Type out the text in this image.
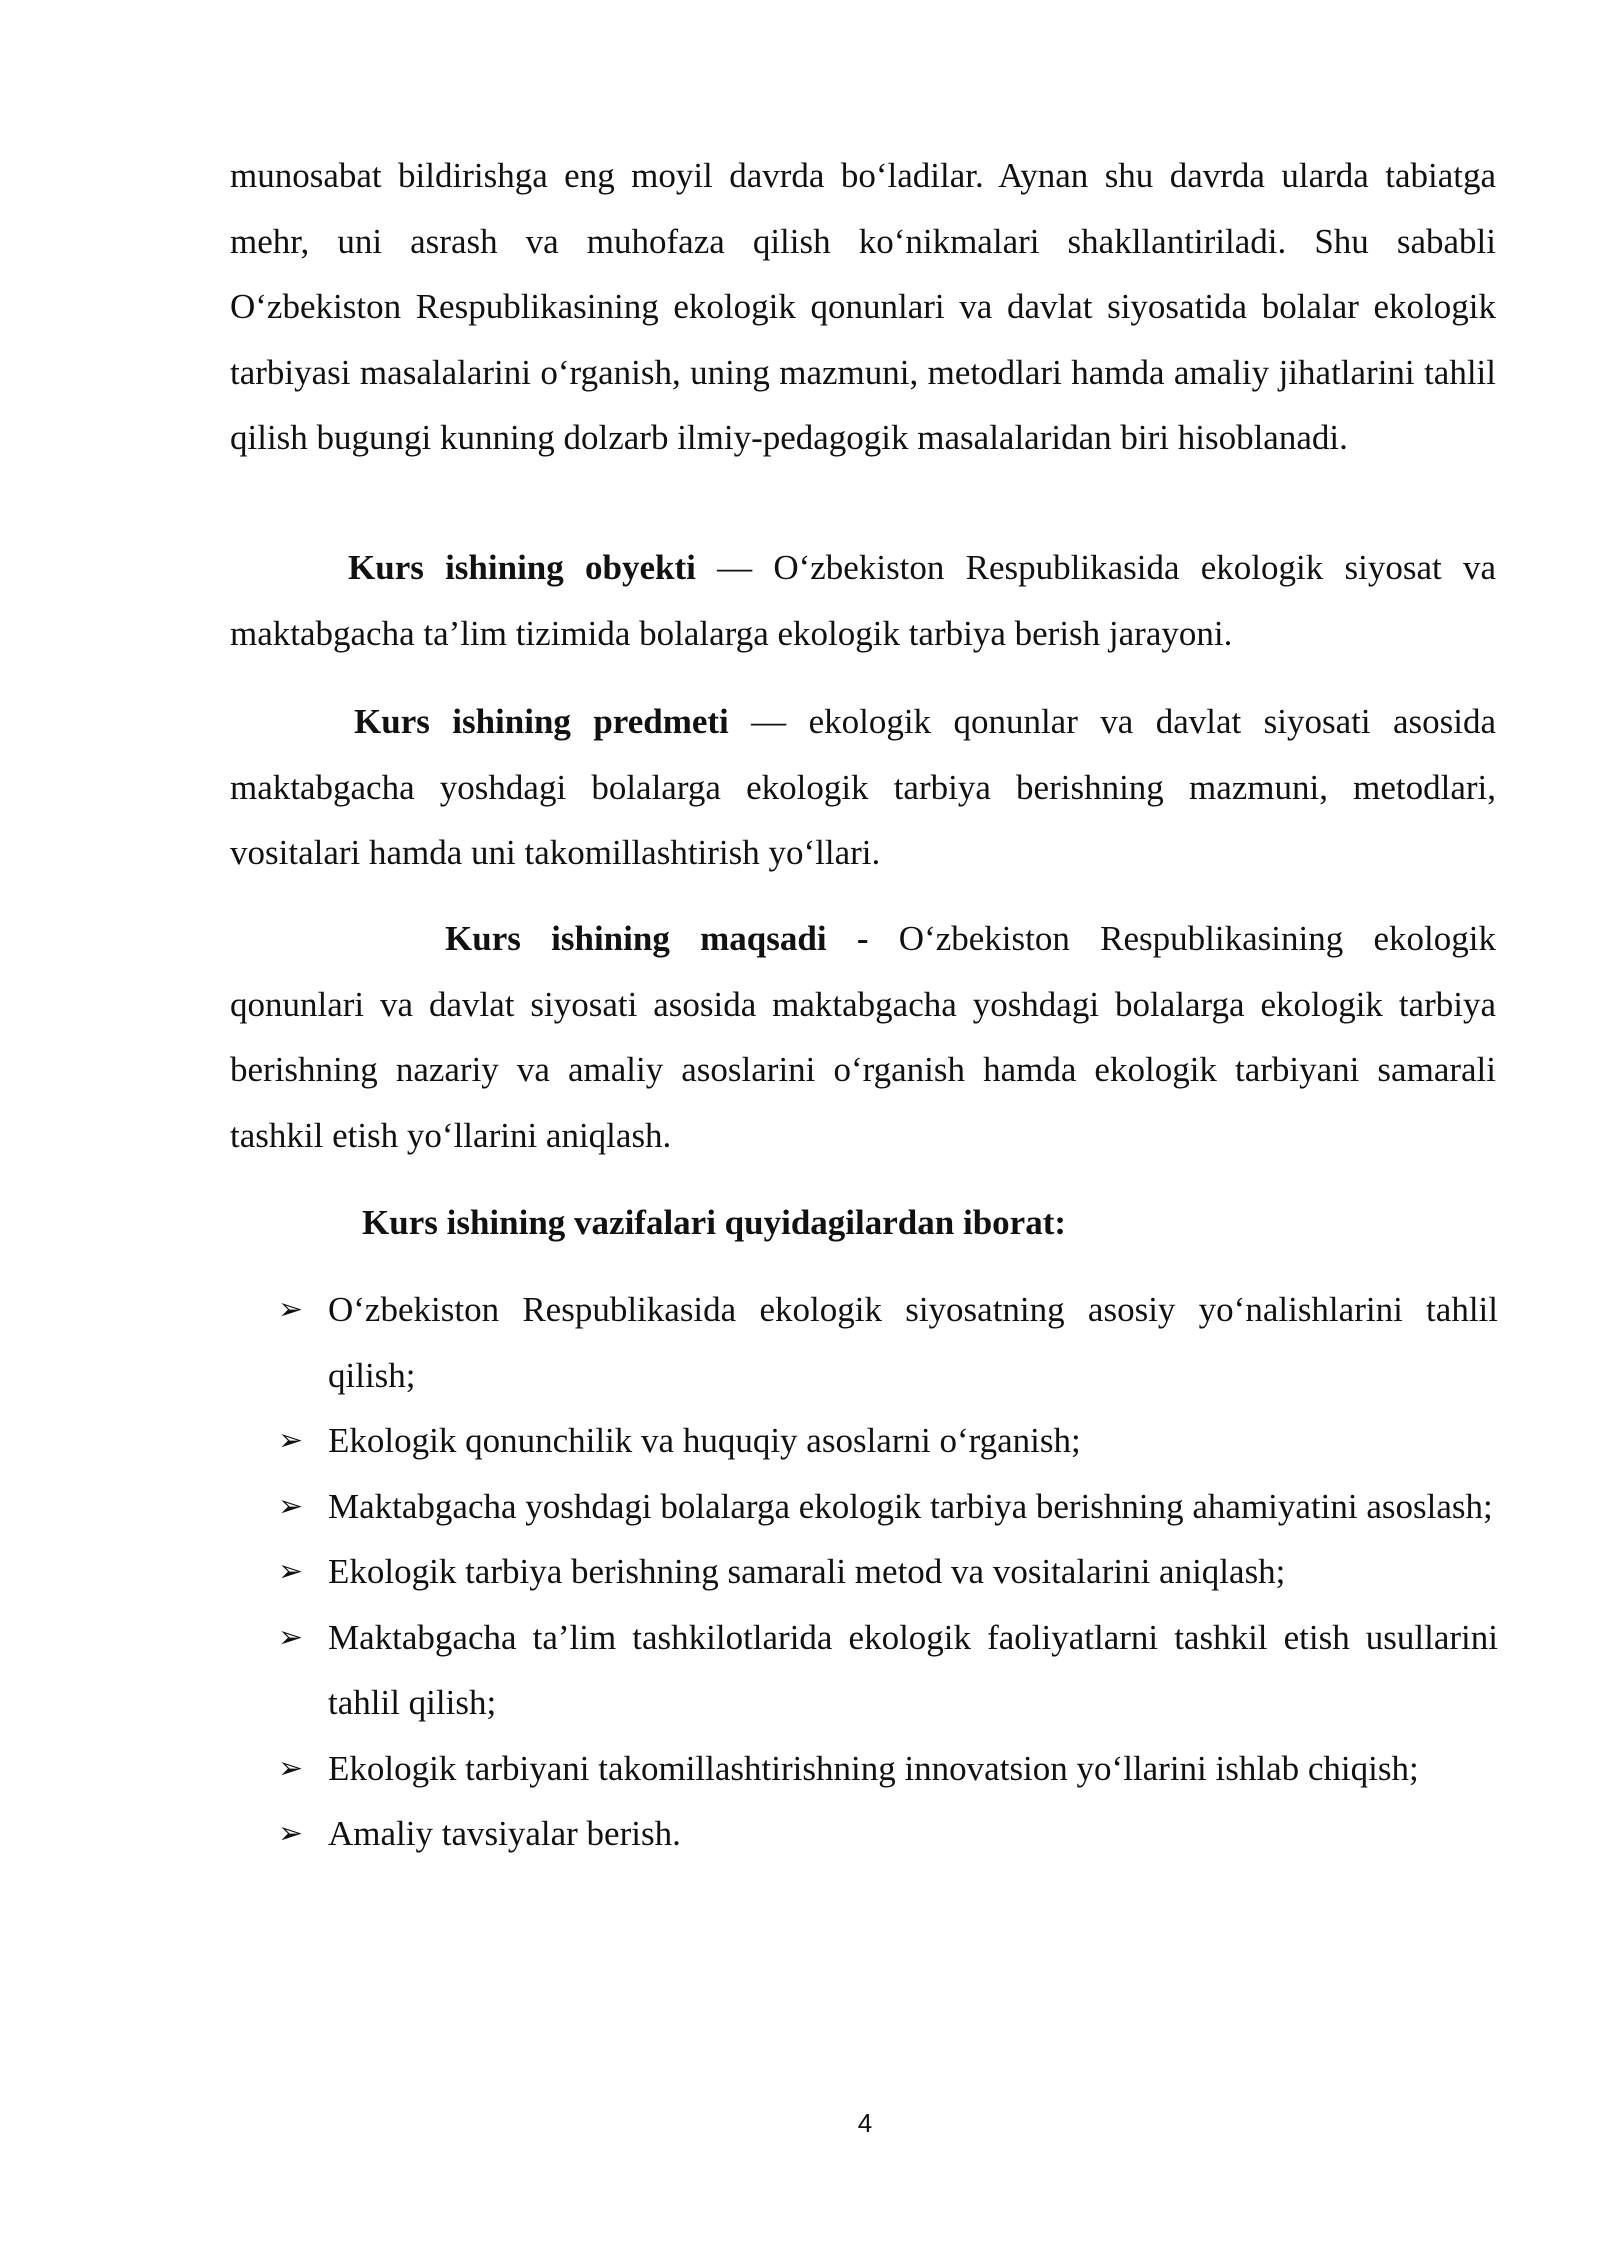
munosabat bildirishga eng moyil davrda bo‘ladilar. Aynan shu davrda ularda tabiatga mehr, uni asrash va muhofaza qilish ko‘nikmalari shakllantiriladi. Shu sababli O‘zbekiston Respublikasining ekologik qonunlari va davlat siyosatida bolalar ekologik tarbiyasi masalalarini o‘rganish, uning mazmuni, metodlari hamda amaliy jihatlarini tahlil qilish bugungi kunning dolzarb ilmiy-pedagogik masalalaridan biri hisoblanadi.

Kurs ishining obyekti — O‘zbekiston Respublikasida ekologik siyosat va maktabgacha ta’lim tizimida bolalarga ekologik tarbiya berish jarayoni.

Kurs ishining predmeti — ekologik qonunlar va davlat siyosati asosida maktabgacha yoshdagi bolalarga ekologik tarbiya berishning mazmuni, metodlari, vositalari hamda uni takomillashtirish yo‘llari.

Kurs ishining maqsadi - O‘zbekiston Respublikasining ekologik qonunlari va davlat siyosati asosida maktabgacha yoshdagi bolalarga ekologik tarbiya berishning nazariy va amaliy asoslarini o‘rganish hamda ekologik tarbiyani samarali tashkil etish yo‘llarini aniqlash.

Kurs ishining vazifalari quyidagilardan iborat:

➢ O‘zbekiston Respublikasida ekologik siyosatning asosiy yo‘nalishlarini tahlil qilish;
➢ Ekologik qonunchilik va huquqiy asoslarni o‘rganish;
➢ Maktabgacha yoshdagi bolalarga ekologik tarbiya berishning ahamiyatini asoslash;
➢ Ekologik tarbiya berishning samarali metod va vositalarini aniqlash;
➢ Maktabgacha ta’lim tashkilotlarida ekologik faoliyatlarni tashkil etish usullarini tahlil qilish;
➢ Ekologik tarbiyani takomillashtirishning innovatsion yo‘llarini ishlab chiqish;
➢ Amaliy tavsiyalar berish.

4
